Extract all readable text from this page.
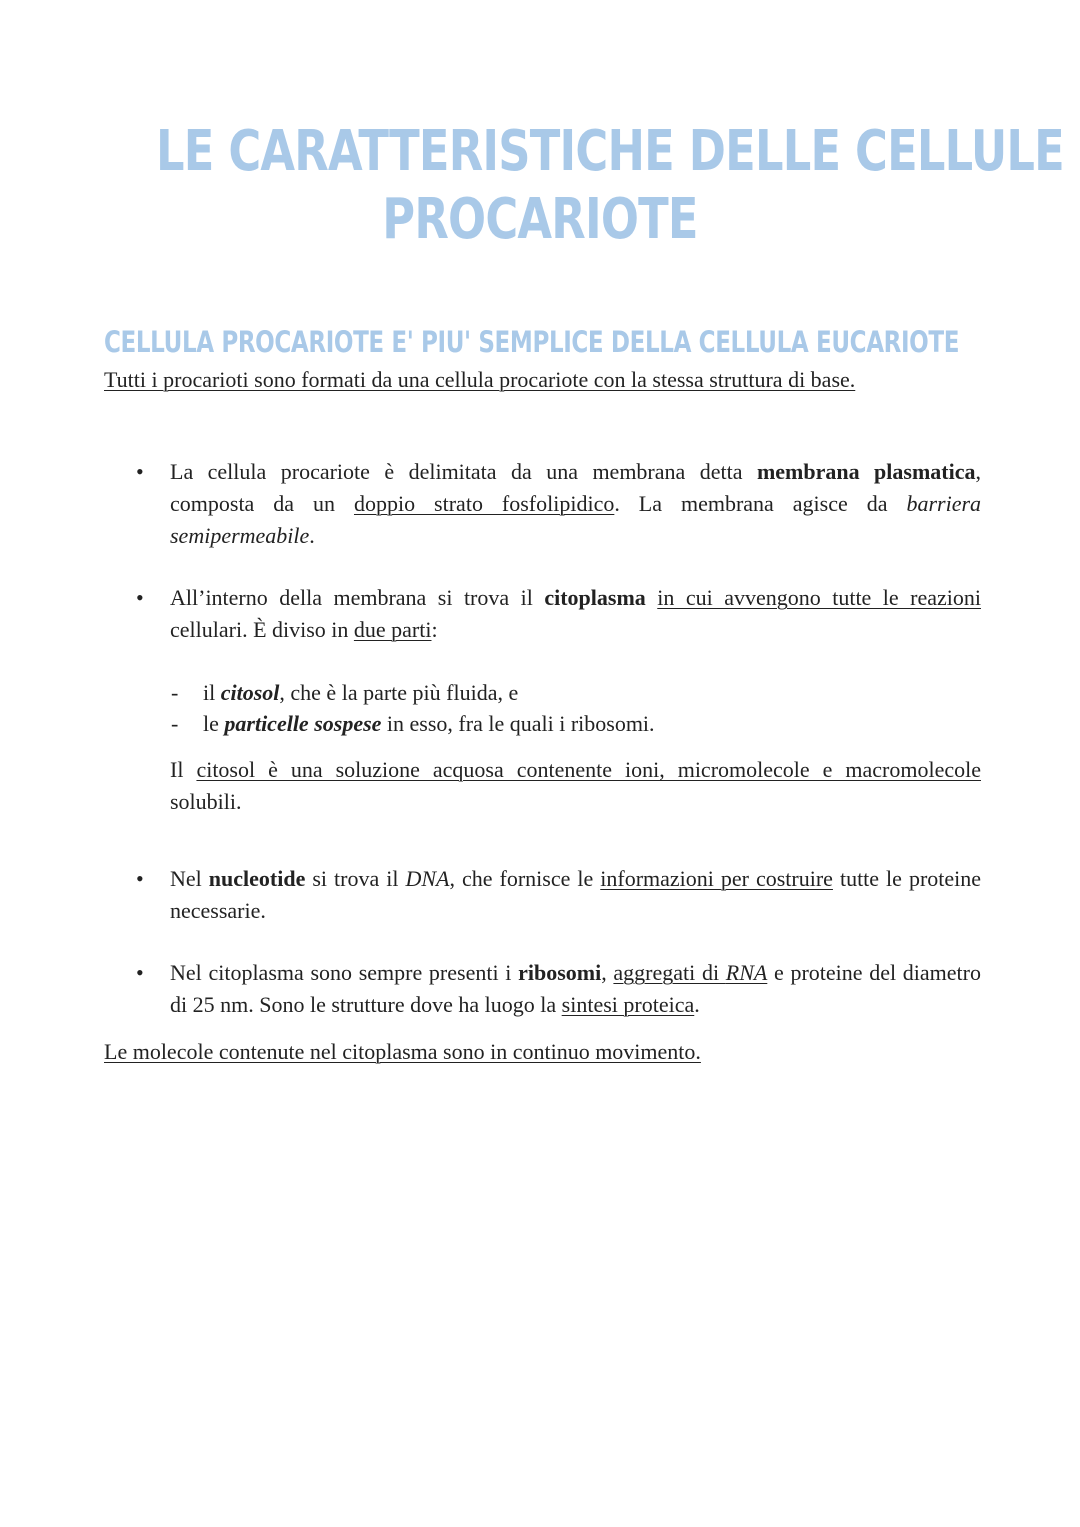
LE CARATTERISTICHE DELLE CELLULE
PROCARIOTE
CELLULA PROCARIOTE E' PIU' SEMPLICE DELLA CELLULA EUCARIOTE
Tutti i procarioti sono formati da una cellula procariote con la stessa struttura di base.
• La cellula procariote è delimitata da una membrana detta membrana plasmatica, composta da un doppio strato fosfolipidico. La membrana agisce da barriera semipermeabile.
• All’interno della membrana si trova il citoplasma in cui avvengono tutte le reazioni cellulari. È diviso in due parti:
- il citosol, che è la parte più fluida, e
- le particelle sospese in esso, fra le quali i ribosomi.
Il citosol è una soluzione acquosa contenente ioni, micromolecole e macromolecole solubili.
• Nel nucleotide si trova il DNA, che fornisce le informazioni per costruire tutte le proteine necessarie.
• Nel citoplasma sono sempre presenti i ribosomi, aggregati di RNA e proteine del diametro di 25 nm. Sono le strutture dove ha luogo la sintesi proteica.
Le molecole contenute nel citoplasma sono in continuo movimento.
